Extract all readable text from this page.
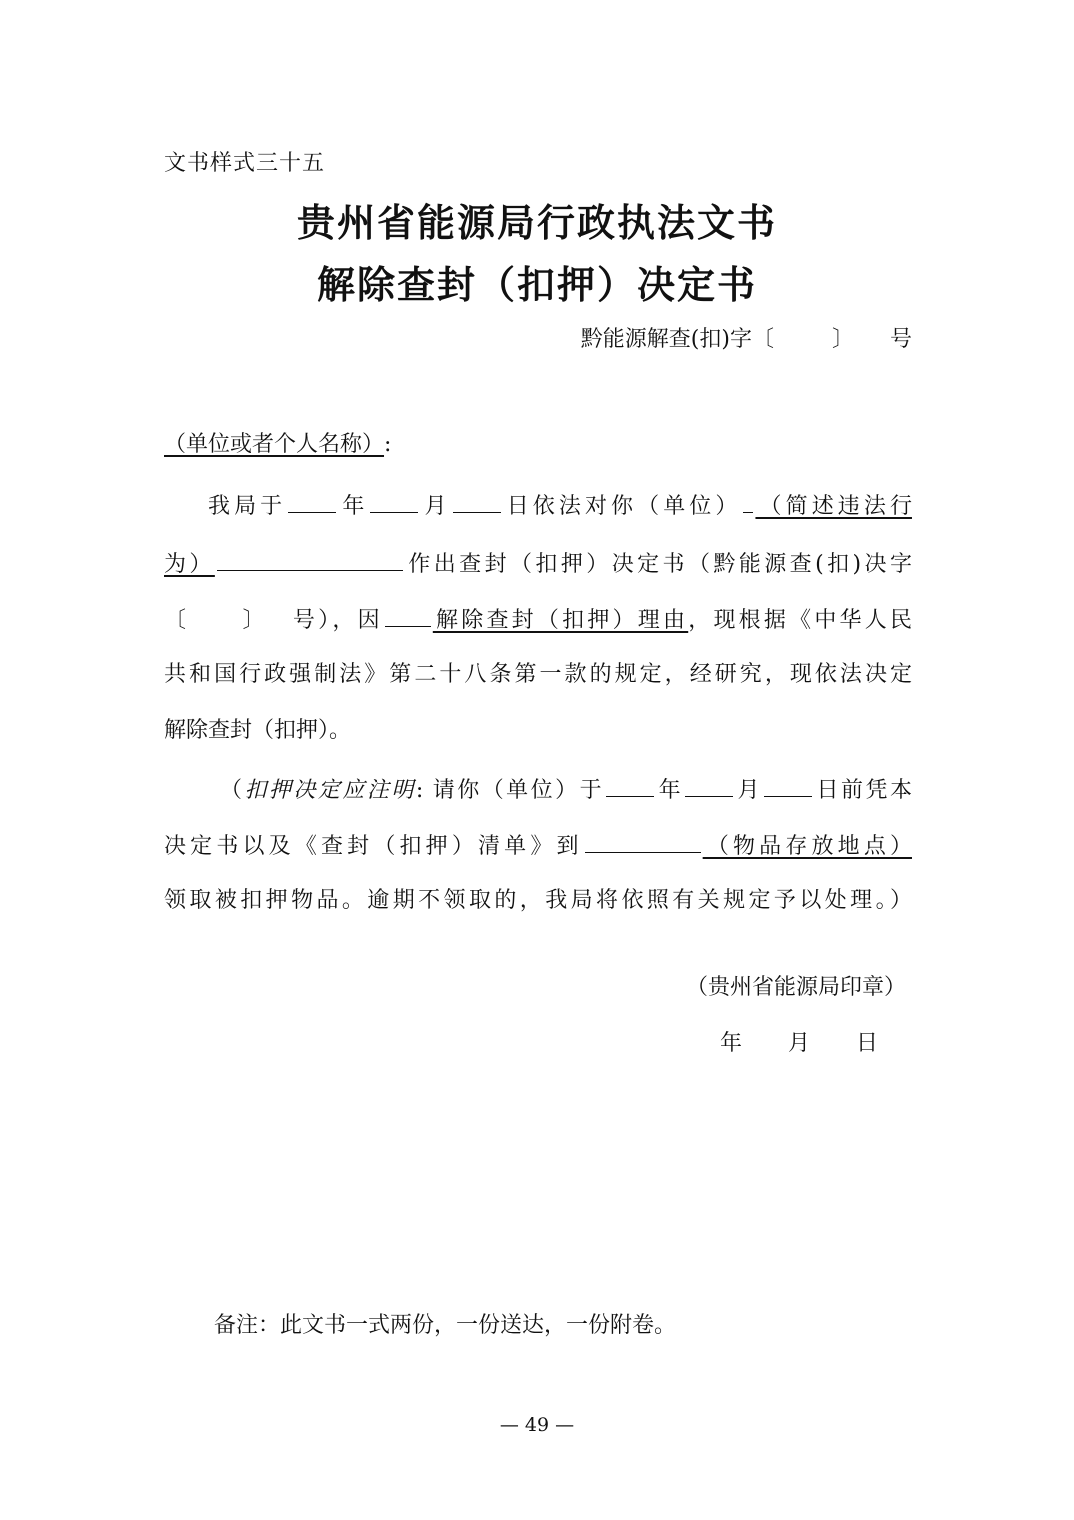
文书样式三十五
贵州省能源局行政执法文书
解除查封（扣押）决定书
黔能源解查(扣)字〔	〕 号
（单位或者个人名称）:
我局于 年 月 日依法对你（单位） （简述违法行
为）	作出查封（扣押）决定书（黔能源查(扣)决字
〔 〕 号），因 解除查封（扣押）理由，现根据《中华人民
共和国行政强制法》第二十八条第一款的规定，经研究，现依法决定
解除查封（扣押）。
（扣押决定应注明: 请你（单位）于 年 月 日前凭本
决定书以及《查封（扣押）清单》到	（物品存放地点）
领取被扣押物品。逾期不领取的，我局将依照有关规定予以处理。）
（贵州省能源局印章）
年 月 日
备注：此文书一式两份，一份送达，一份附卷。
— 49 —
